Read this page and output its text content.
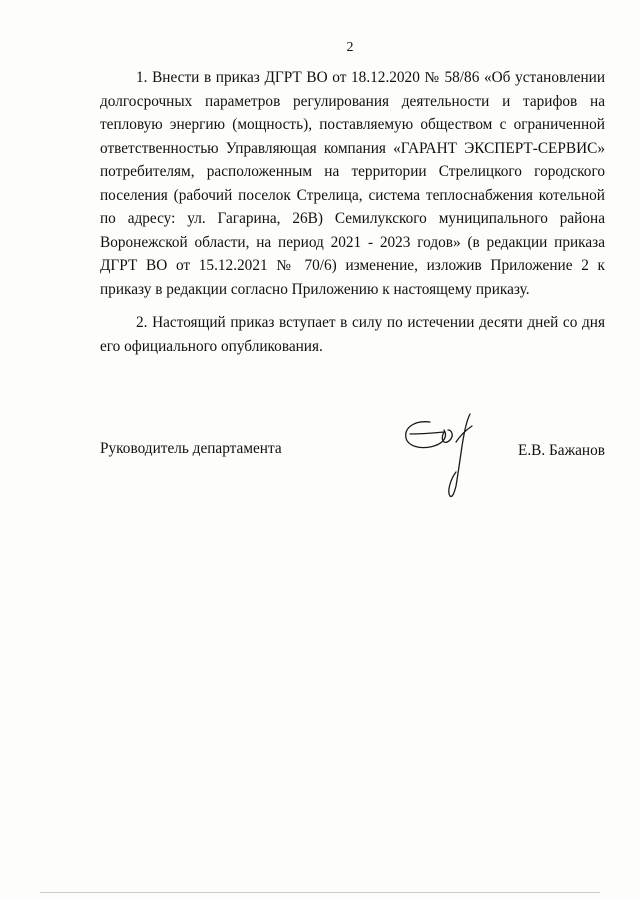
2

1. Внести в приказ ДГРТ ВО от 18.12.2020 № 58/86 «Об установлении долгосрочных параметров регулирования деятельности и тарифов на тепловую энергию (мощность), поставляемую обществом с ограниченной ответственностью Управляющая компания «ГАРАНТ ЭКСПЕРТ-СЕРВИС» потребителям, расположенным на территории Стрелицкого городского поселения (рабочий поселок Стрелица, система теплоснабжения котельной по адресу: ул. Гагарина, 26В) Семилукского муниципального района Воронежской области, на период 2021 - 2023 годов» (в редакции приказа ДГРТ ВО от 15.12.2021 № 70/6) изменение, изложив Приложение 2 к приказу в редакции согласно Приложению к настоящему приказу.

2. Настоящий приказ вступает в силу по истечении десяти дней со дня его официального опубликования.

Руководитель департамента	Е.В. Бажанов
